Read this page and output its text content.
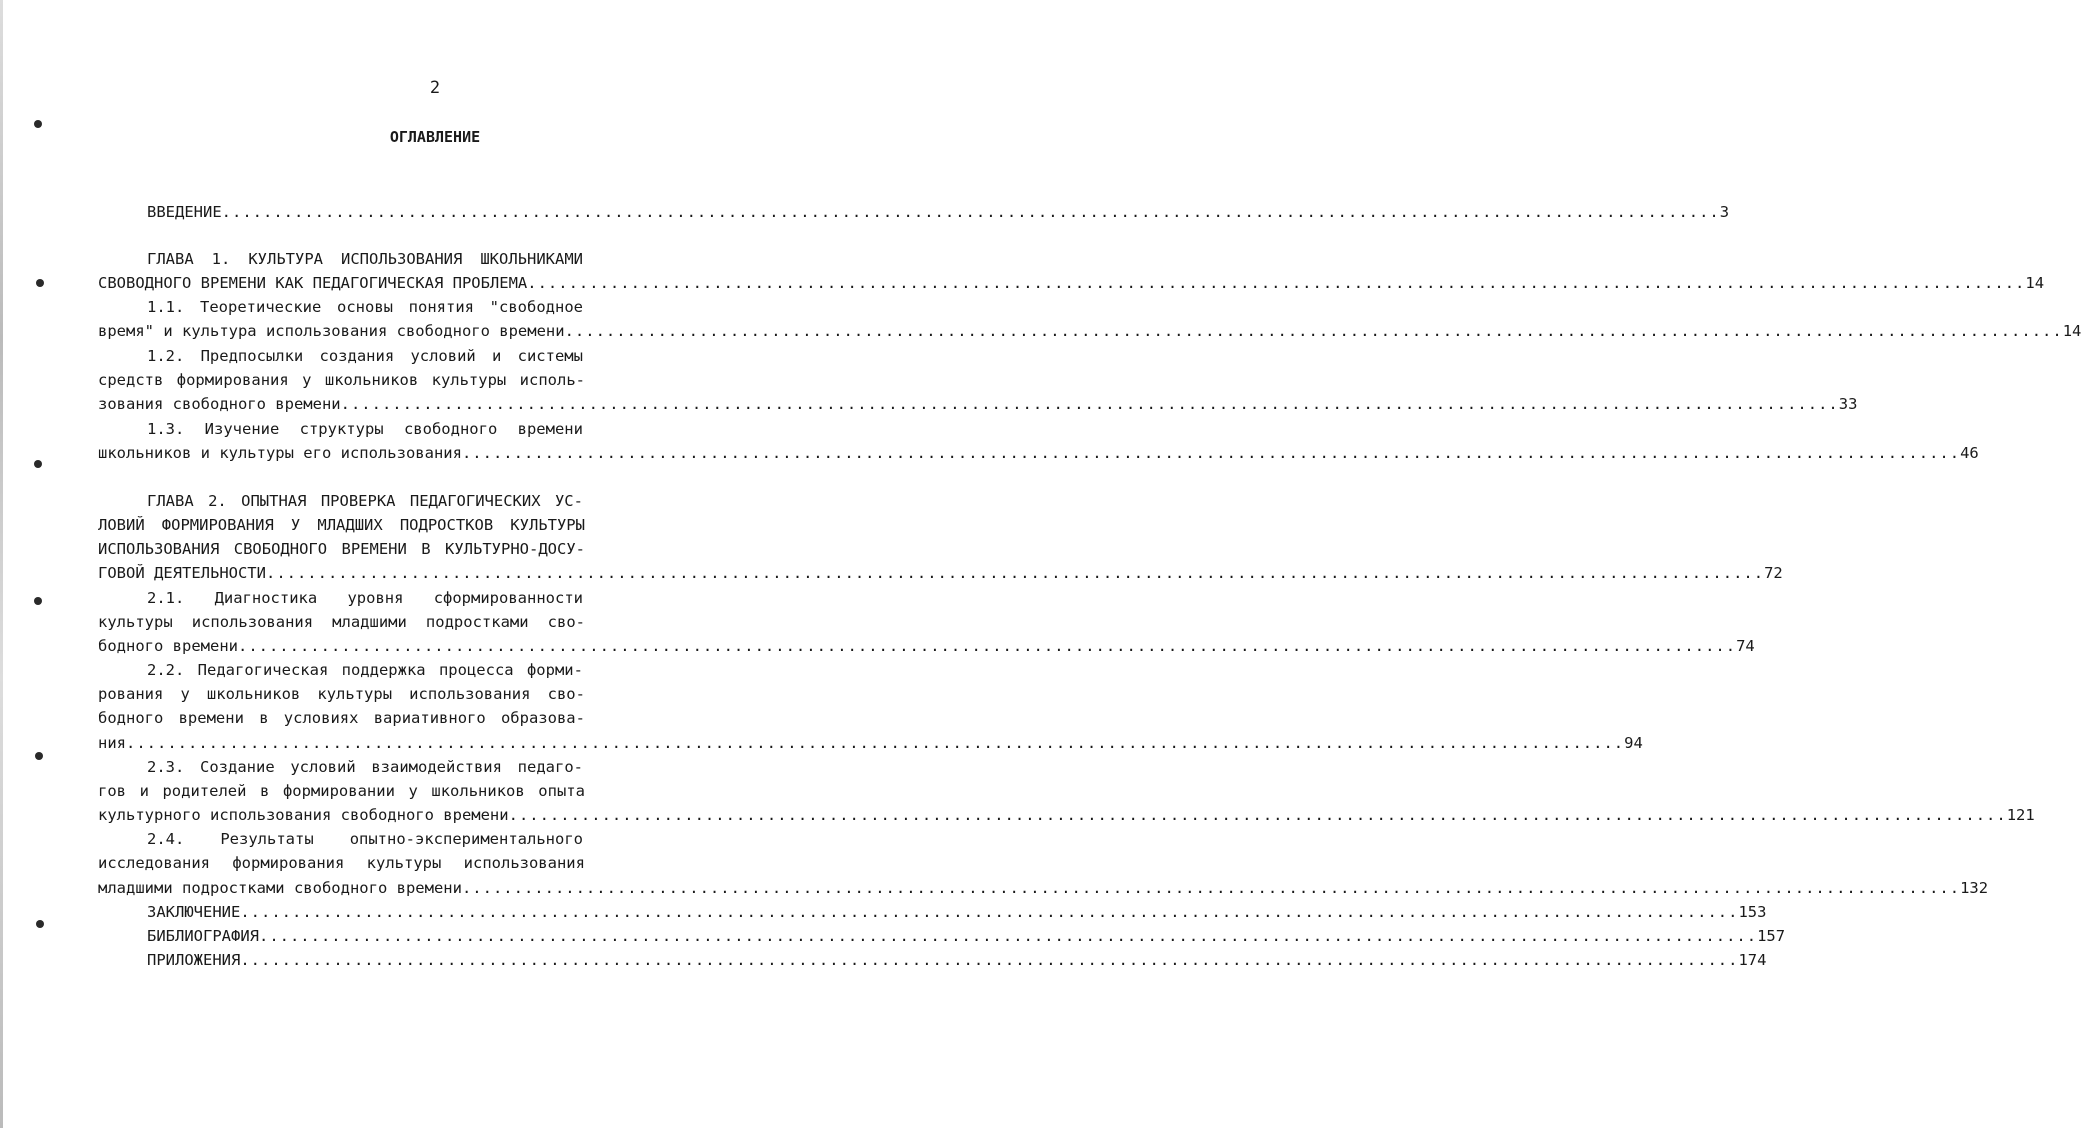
2
ОГЛАВЛЕНИЕ
ВВЕДЕНИЕ ................................................................................................................................................. 3
ГЛАВА 1. КУЛЬТУРА ИСПОЛЬЗОВАНИЯ ШКОЛЬНИКАМИ
СВОВОДНОГО ВРЕМЕНИ КАК ПЕДАГОГИЧЕСКАЯ ПРОБЛЕМА ................................................................................................................................................. 14
1.1. Теоретические основы понятия "свободное
время" и культура использования свободного времени ................................................................................................................................................. 14
1.2. Предпосылки создания условий и системы
средств формирования у школьников культуры исполь-
зования свободного времени ................................................................................................................................................. 33
1.3. Изучение структуры свободного времени
школьников и культуры его использования ................................................................................................................................................. 46
ГЛАВА 2. ОПЫТНАЯ ПРОВЕРКА ПЕДАГОГИЧЕСКИХ УС-
ЛОВИЙ ФОРМИРОВАНИЯ У МЛАДШИХ ПОДРОСТКОВ КУЛЬТУРЫ
ИСПОЛЬЗОВАНИЯ СВОБОДНОГО ВРЕМЕНИ В КУЛЬТУРНО-ДОСУ-
ГОВОЙ ДЕЯТЕЛЬНОСТИ ................................................................................................................................................. 72
2.1. Диагностика уровня сформированности
культуры использования младшими подростками сво-
бодного времени ................................................................................................................................................. 74
2.2. Педагогическая поддержка процесса форми-
рования у школьников культуры использования сво-
бодного времени в условиях вариативного образова-
ния ................................................................................................................................................. 94
2.3. Создание условий взаимодействия педаго-
гов и родителей в формировании у школьников опыта
культурного использования свободного времени ................................................................................................................................................. 121
2.4. Результаты опытно-экспериментального
исследования формирования культуры использования
младшими подростками свободного времени ................................................................................................................................................. 132
ЗАКЛЮЧЕНИЕ ................................................................................................................................................. 153
БИБЛИОГРАФИЯ ................................................................................................................................................. 157
ПРИЛОЖЕНИЯ ................................................................................................................................................. 174
